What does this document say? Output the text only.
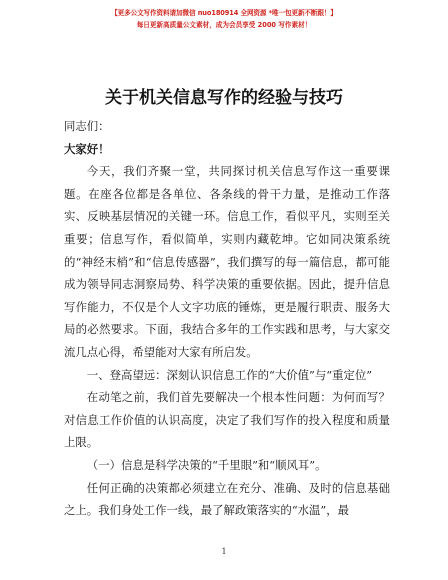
【更多公文写作资料请加微信 nuo180914 全网资源 *唯一包更新不断跟！】
每日更新高质量公文素材，成为会员享受 2000 写作素材！
关于机关信息写作的经验与技巧

同志们：

大家好！

今天，我们齐聚一堂，共同探讨机关信息写作这一重要课题。在座各位都是各单位、各条线的骨干力量，是推动工作落实、反映基层情况的关键一环。信息工作，看似平凡，实则至关重要；信息写作，看似简单，实则内藏乾坤。它如同决策系统的“神经末梢”和“信息传感器”，我们撰写的每一篇信息，都可能成为领导同志洞察局势、科学决策的重要依据。因此，提升信息写作能力，不仅是个人文字功底的锤炼，更是履行职责、服务大局的必然要求。下面，我结合多年的工作实践和思考，与大家交流几点心得，希望能对大家有所启发。

一、登高望远：深刻认识信息工作的“大价值”与“重定位”

在动笔之前，我们首先要解决一个根本性问题：为何而写？对信息工作价值的认识高度，决定了我们写作的投入程度和质量上限。

（一）信息是科学决策的“千里眼”和“顺风耳”。

任何正确的决策都必须建立在充分、准确、及时的信息基础之上。我们身处工作一线，最了解政策落实的“水温”，最

1
